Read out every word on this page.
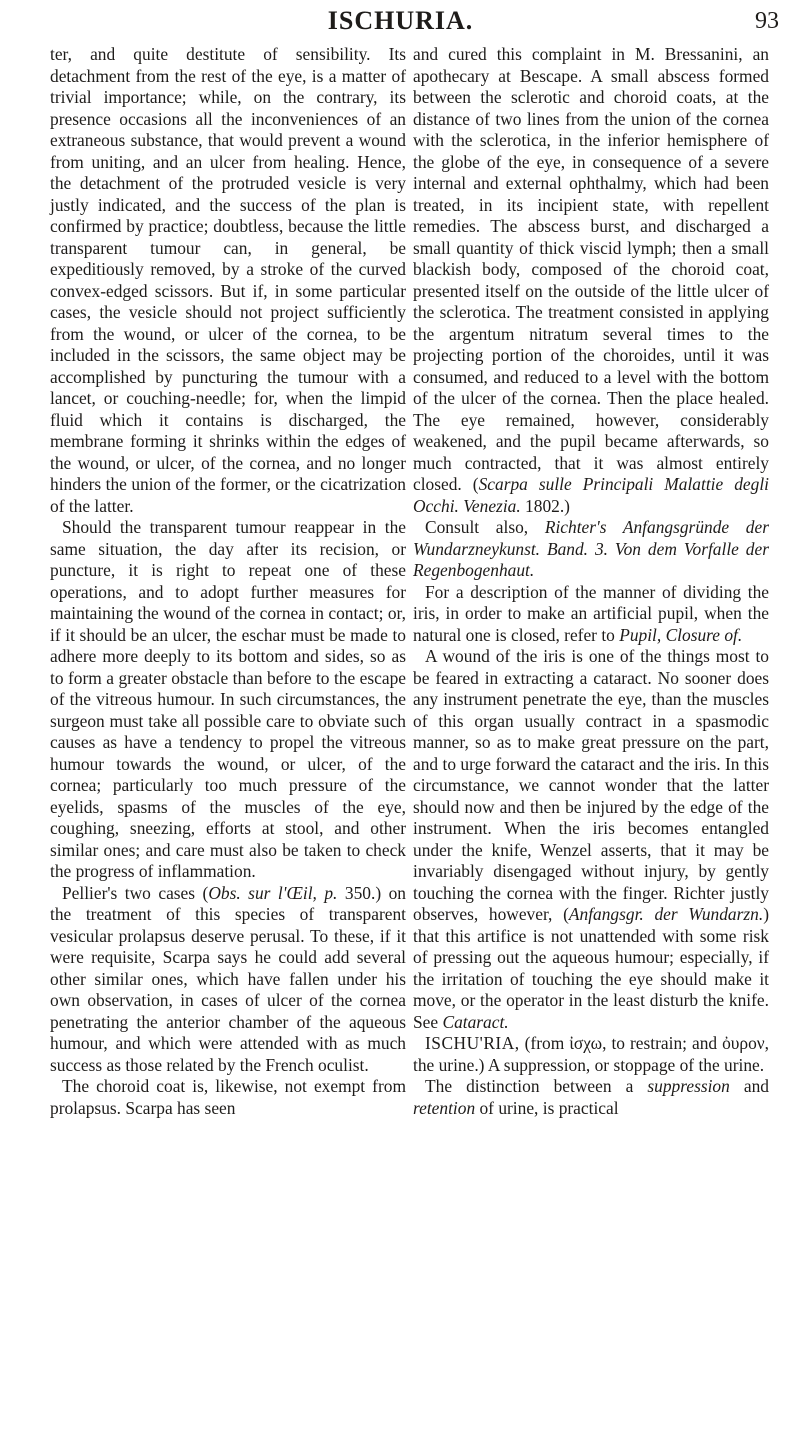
ISCHURIA.	93

ter, and quite destitute of sensibility. Its detachment from the rest of the eye, is a matter of trivial importance; while, on the contrary, its presence occasions all the inconveniences of an extraneous substance, that would prevent a wound from uniting, and an ulcer from healing. Hence, the detachment of the protruded vesicle is very justly indicated, and the success of the plan is confirmed by practice; doubtless, because the little transparent tumour can, in general, be expeditiously removed, by a stroke of the curved convex-edged scissors. But if, in some particular cases, the vesicle should not project sufficiently from the wound, or ulcer of the cornea, to be included in the scissors, the same object may be accomplished by puncturing the tumour with a lancet, or couching-needle; for, when the limpid fluid which it contains is discharged, the membrane forming it shrinks within the edges of the wound, or ulcer, of the cornea, and no longer hinders the union of the former, or the cicatrization of the latter.

Should the transparent tumour reappear in the same situation, the day after its recision, or puncture, it is right to repeat one of these operations, and to adopt further measures for maintaining the wound of the cornea in contact; or, if it should be an ulcer, the eschar must be made to adhere more deeply to its bottom and sides, so as to form a greater obstacle than before to the escape of the vitreous humour. In such circumstances, the surgeon must take all possible care to obviate such causes as have a tendency to propel the vitreous humour towards the wound, or ulcer, of the cornea; particularly too much pressure of the eyelids, spasms of the muscles of the eye, coughing, sneezing, efforts at stool, and other similar ones; and care must also be taken to check the progress of inflammation.

Pellier's two cases (Obs. sur l'Œil, p. 350.) on the treatment of this species of transparent vesicular prolapsus deserve perusal. To these, if it were requisite, Scarpa says he could add several other similar ones, which have fallen under his own observation, in cases of ulcer of the cornea penetrating the anterior chamber of the aqueous humour, and which were attended with as much success as those related by the French oculist.

The choroid coat is, likewise, not exempt from prolapsus. Scarpa has seen

and cured this complaint in M. Bressanini, an apothecary at Bescape. A small abscess formed between the sclerotic and choroid coats, at the distance of two lines from the union of the cornea with the sclerotica, in the inferior hemisphere of the globe of the eye, in consequence of a severe internal and external ophthalmy, which had been treated, in its incipient state, with repellent remedies. The abscess burst, and discharged a small quantity of thick viscid lymph; then a small blackish body, composed of the choroid coat, presented itself on the outside of the little ulcer of the sclerotica. The treatment consisted in applying the argentum nitratum several times to the projecting portion of the choroides, until it was consumed, and reduced to a level with the bottom of the ulcer of the cornea. Then the place healed. The eye remained, however, considerably weakened, and the pupil became afterwards, so much contracted, that it was almost entirely closed. (Scarpa sulle Principali Malattie degli Occhi. Venezia. 1802.)

Consult also, Richter's Anfangsgründe der Wundarzneykunst. Band. 3. Von dem Vorfalle der Regenbogenhaut.

For a description of the manner of dividing the iris, in order to make an artificial pupil, when the natural one is closed, refer to Pupil, Closure of.

A wound of the iris is one of the things most to be feared in extracting a cataract. No sooner does any instrument penetrate the eye, than the muscles of this organ usually contract in a spasmodic manner, so as to make great pressure on the part, and to urge forward the cataract and the iris. In this circumstance, we cannot wonder that the latter should now and then be injured by the edge of the instrument. When the iris becomes entangled under the knife, Wenzel asserts, that it may be invariably disengaged without injury, by gently touching the cornea with the finger. Richter justly observes, however, (Anfangsgr. der Wundarzn.) that this artifice is not unattended with some risk of pressing out the aqueous humour; especially, if the irritation of touching the eye should make it move, or the operator in the least disturb the knife. See Cataract.

ISCHU'RIA, (from ἰσχω, to restrain; and ὀυρον, the urine.) A suppression, or stoppage of the urine.

The distinction between a suppression and retention of urine, is practical
